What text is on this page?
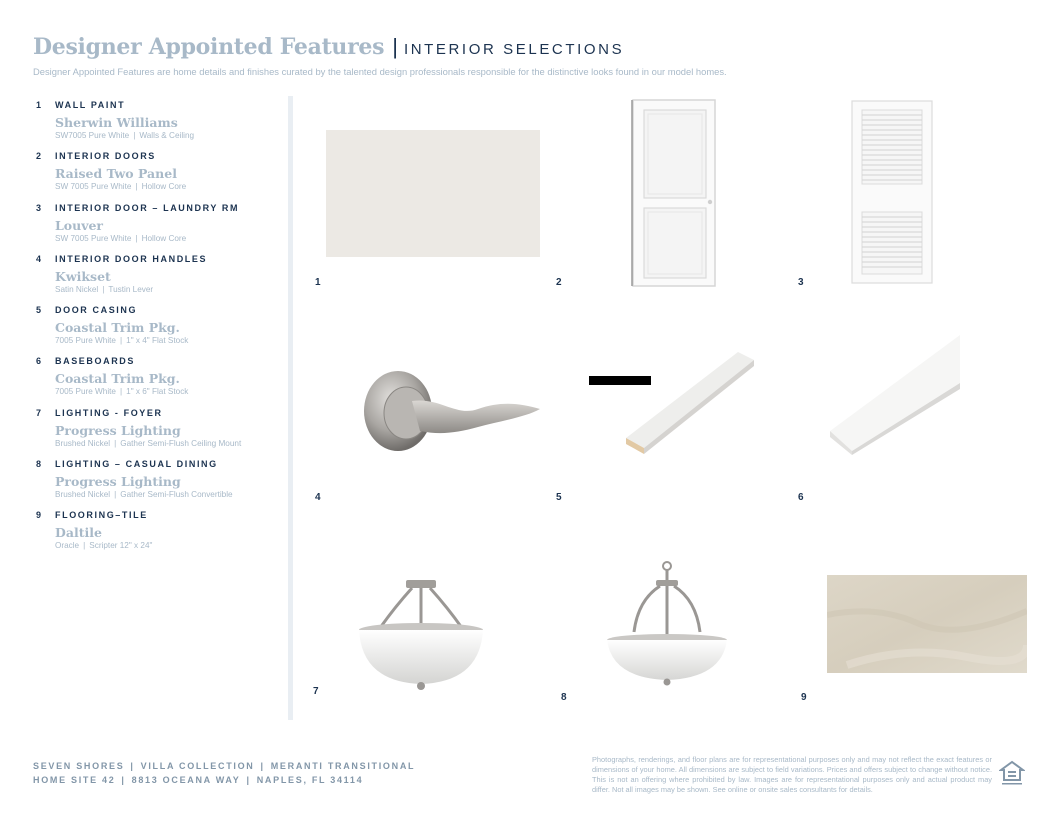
Designer Appointed Features | INTERIOR SELECTIONS
Designer Appointed Features are home details and finishes curated by the talented design professionals responsible for the distinctive looks found in our model homes.
1 WALL PAINT
Sherwin Williams
SW7005 Pure White | Walls & Ceiling
2 INTERIOR DOORS
Raised Two Panel
SW 7005 Pure White | Hollow Core
3 INTERIOR DOOR – LAUNDRY RM
Louver
SW 7005 Pure White | Hollow Core
4 INTERIOR DOOR HANDLES
Kwikset
Satin Nickel | Tustin Lever
5 DOOR CASING
Coastal Trim Pkg.
7005 Pure White | 1" x 4" Flat Stock
6 BASEBOARDS
Coastal Trim Pkg.
7005 Pure White | 1" x 6" Flat Stock
7 LIGHTING - FOYER
Progress Lighting
Brushed Nickel | Gather Semi-Flush Ceiling Mount
8 LIGHTING – CASUAL DINING
Progress Lighting
Brushed Nickel | Gather Semi-Flush Convertible
9 FLOORING–TILE
Daltile
Oracle | Scripter 12" x 24"
1	2	3
4	5	6
7
8	9
SEVEN SHORES | VILLA COLLECTION | MERANTI TRANSITIONAL
HOME SITE 42 | 8813 OCEANA WAY | NAPLES, FL 34114
Photographs, renderings, and floor plans are for representational purposes only and may not reflect the exact features or dimensions of your home. All dimensions are subject to field variations. Prices and offers subject to change without notice. This is not an offering where prohibited by law. Images are for representational purposes only and actual product may differ. Not all images may be shown. See online or onsite sales consultants for details.
